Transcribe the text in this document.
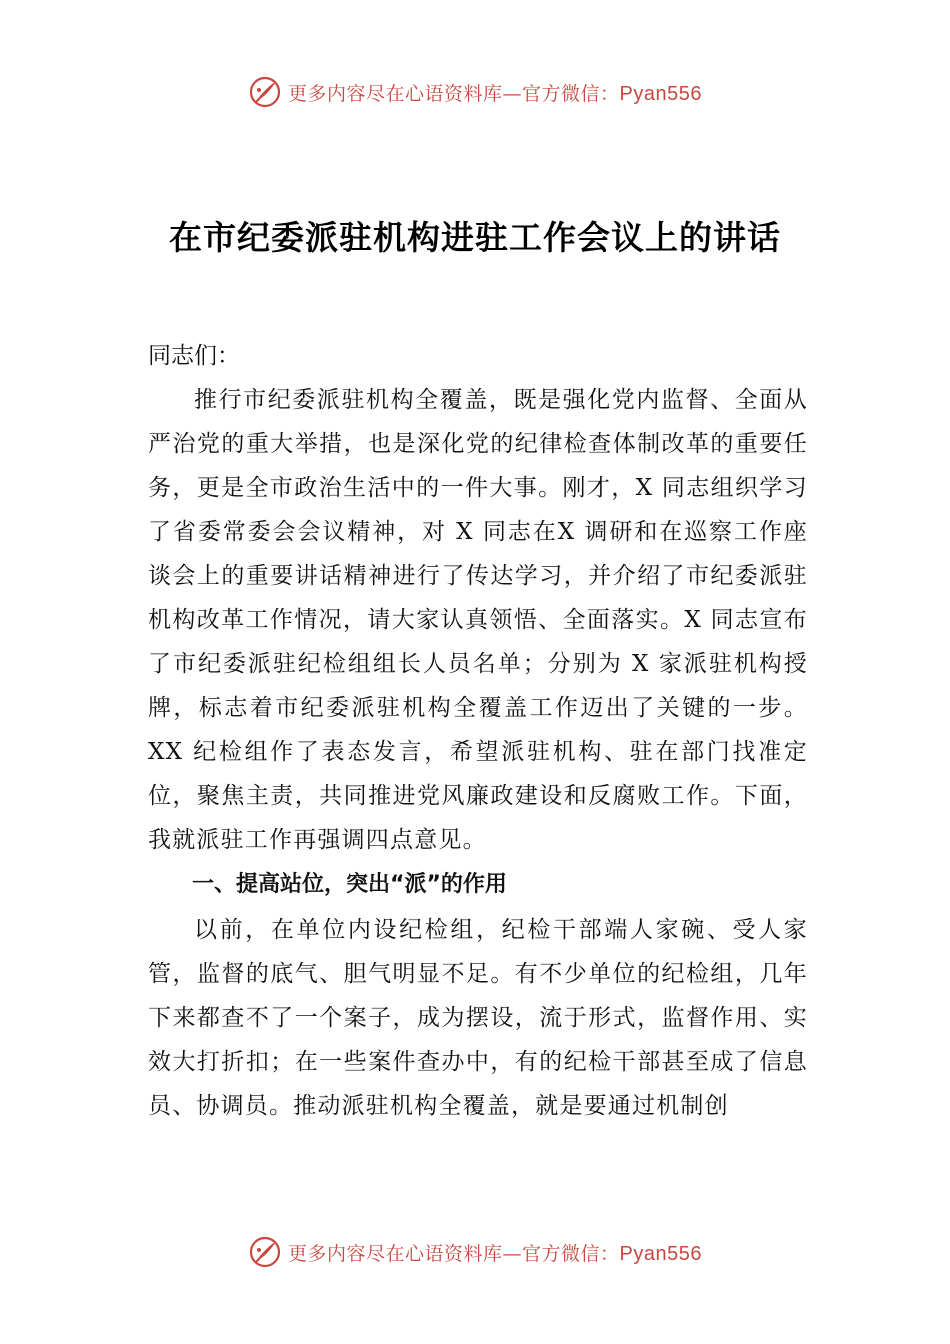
更多内容尽在心语资料库—官方微信：Pyan556
在市纪委派驻机构进驻工作会议上的讲话

同志们：

推行市纪委派驻机构全覆盖，既是强化党内监督、全面从严治党的重大举措，也是深化党的纪律检查体制改革的重要任务，更是全市政治生活中的一件大事。刚才，X 同志组织学习了省委常委会会议精神，对 X 同志在X 调研和在巡察工作座谈会上的重要讲话精神进行了传达学习，并介绍了市纪委派驻机构改革工作情况，请大家认真领悟、全面落实。X 同志宣布了市纪委派驻纪检组组长人员名单；分别为 X 家派驻机构授牌，标志着市纪委派驻机构全覆盖工作迈出了关键的一步。XX 纪检组作了表态发言，希望派驻机构、驻在部门找准定位，聚焦主责，共同推进党风廉政建设和反腐败工作。下面，我就派驻工作再强调四点意见。

一、提高站位，突出“派”的作用

以前，在单位内设纪检组，纪检干部端人家碗、受人家管，监督的底气、胆气明显不足。有不少单位的纪检组，几年下来都查不了一个案子，成为摆设，流于形式，监督作用、实效大打折扣；在一些案件查办中，有的纪检干部甚至成了信息员、协调员。推动派驻机构全覆盖，就是要通过机制创

更多内容尽在心语资料库—官方微信：Pyan556
